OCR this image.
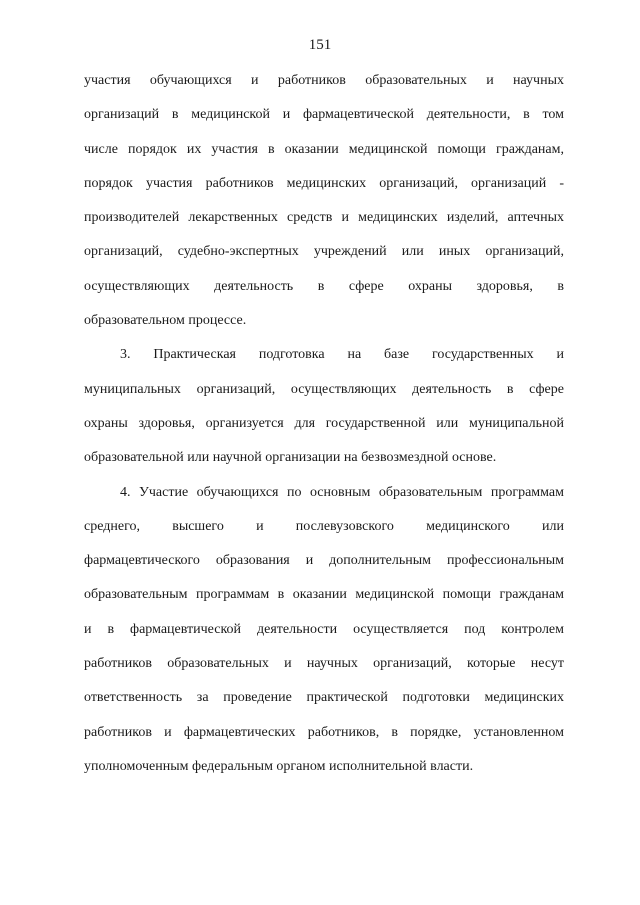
151
участия обучающихся и работников образовательных и научных
организаций в медицинской и фармацевтической деятельности, в том
числе порядок их участия в оказании медицинской помощи гражданам,
порядок участия работников медицинских организаций, организаций -
производителей лекарственных средств и медицинских изделий, аптечных
организаций, судебно-экспертных учреждений или иных организаций,
осуществляющих деятельность в сфере охраны здоровья, в
образовательном процессе.
3. Практическая подготовка на базе государственных и
муниципальных организаций, осуществляющих деятельность в сфере
охраны здоровья, организуется для государственной или муниципальной
образовательной или научной организации на безвозмездной основе.
4. Участие обучающихся по основным образовательным программам
среднего, высшего и послевузовского медицинского или
фармацевтического образования и дополнительным профессиональным
образовательным программам в оказании медицинской помощи гражданам
и в фармацевтической деятельности осуществляется под контролем
работников образовательных и научных организаций, которые несут
ответственность за проведение практической подготовки медицинских
работников и фармацевтических работников, в порядке, установленном
уполномоченным федеральным органом исполнительной власти.
